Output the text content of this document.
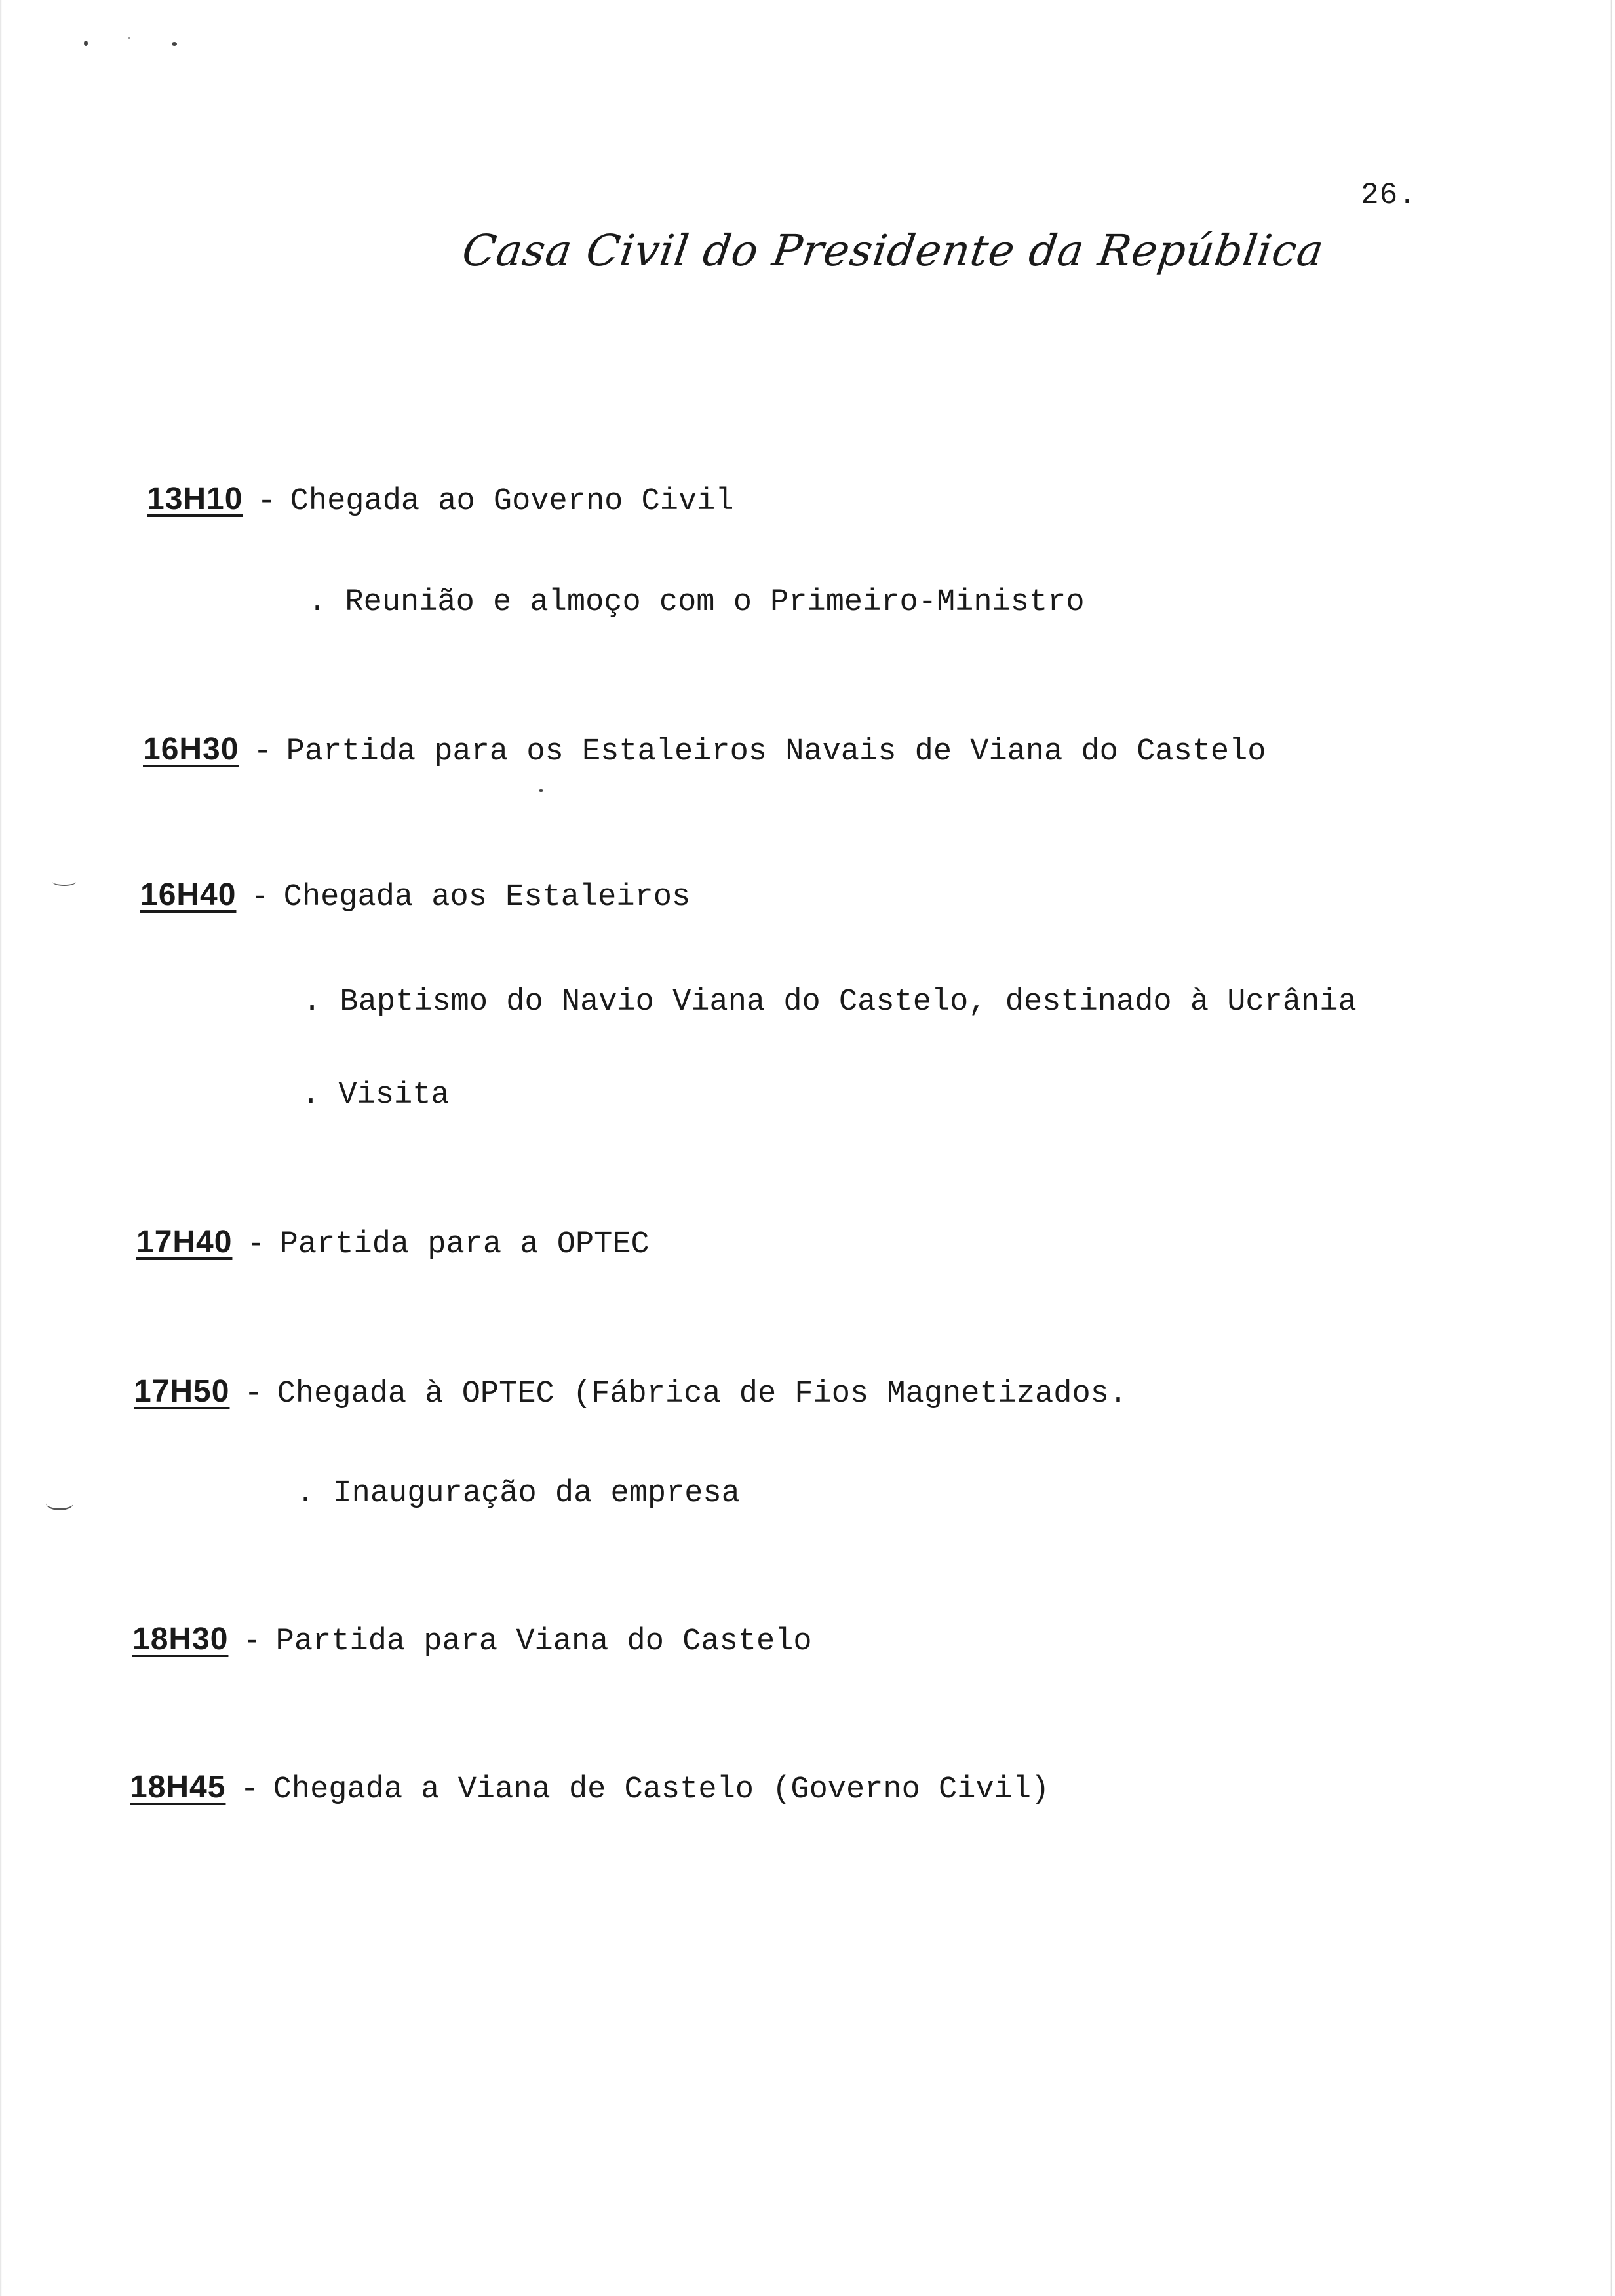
26.
Casa Civil do Presidente da República
13H10 - Chegada ao Governo Civil
. Reunião e almoço com o Primeiro-Ministro
16H30 - Partida para os Estaleiros Navais de Viana do Castelo
16H40 - Chegada aos Estaleiros
. Baptismo do Navio Viana do Castelo, destinado à Ucrânia
. Visita
17H40 - Partida para a OPTEC
17H50 - Chegada à OPTEC (Fábrica de Fios Magnetizados.
. Inauguração da empresa
18H30 - Partida para Viana do Castelo
18H45 - Chegada a Viana de Castelo (Governo Civil)
